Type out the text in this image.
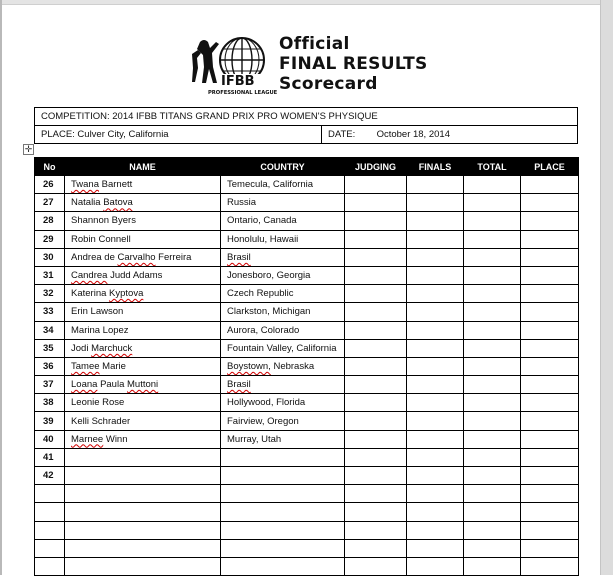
IFBB
PROFESSIONAL LEAGUE
Official
FINAL RESULTS
Scorecard
COMPETITION: 2014 IFBB TITANS GRAND PRIX PRO WOMEN'S PHYSIQUE
PLACE: Culver City, California	DATE: October 18, 2014
✛
No	NAME	COUNTRY	JUDGING	FINALS	TOTAL	PLACE
26	Twana Barnett	Temecula, California				
27	Natalia Batova	Russia				
28	Shannon Byers	Ontario, Canada				
29	Robin Connell	Honolulu, Hawaii				
30	Andrea de Carvalho Ferreira	Brasil				
31	Candrea Judd Adams	Jonesboro, Georgia				
32	Katerina Kyptova	Czech Republic				
33	Erin Lawson	Clarkston, Michigan				
34	Marina Lopez	Aurora, Colorado				
35	Jodi Marchuck	Fountain Valley, California				
36	Tamee Marie	Boystown, Nebraska				
37	Loana Paula Muttoni	Brasil				
38	Leonie Rose	Hollywood, Florida				
39	Kelli Schrader	Fairview, Oregon				
40	Marnee Winn	Murray, Utah				
41						
42						
